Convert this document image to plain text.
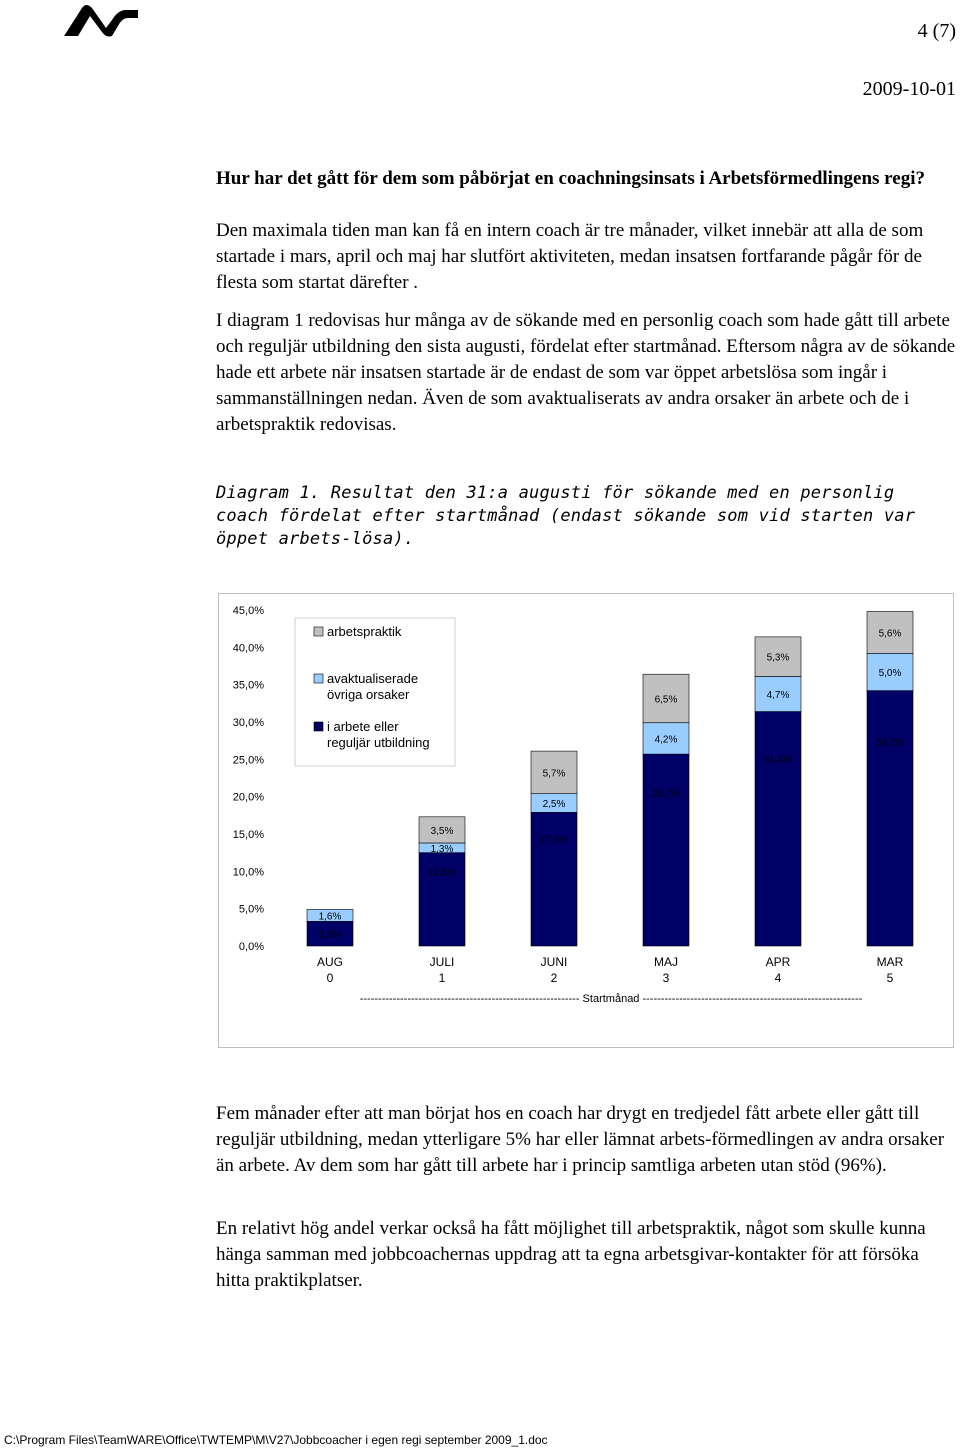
4 (7)
2009-10-01
Hur har det gått för dem som påbörjat en coachningsinsats i Arbetsförmedlingens regi?
Den maximala tiden man kan få en intern coach är tre månader, vilket innebär att alla de som startade i mars, april och maj har slutfört aktiviteten, medan insatsen fortfarande pågår för de flesta som startat därefter .
I diagram 1 redovisas hur många av de sökande med en personlig coach som hade gått till arbete och reguljär utbildning den sista augusti, fördelat efter startmånad. Eftersom några av de sökande hade ett arbete när insatsen startade är de endast de som var öppet arbetslösa som ingår i sammanställningen nedan. Även de som avaktualiserats av andra orsaker än arbete och de i arbetspraktik redovisas.
Diagram 1. Resultat den 31:a augusti för sökande med en personlig coach fördelat efter startmånad (endast sökande som vid starten var öppet arbets-lösa).
0,0%
5,0%
10,0%
15,0%
20,0%
25,0%
30,0%
35,0%
40,0%
45,0%
3,3%
1,6%
AUG
0
12,5%
1,3%
3,5%
JULI
1
17,9%
2,5%
5,7%
JUNI
2
25,7%
4,2%
6,5%
MAJ
3
31,4%
4,7%
5,3%
APR
4
34,2%
5,0%
5,6%
MAR
5
------------------------------------------------------------ Startmånad ------------------------------------------------------------
arbetspraktik
avaktualiserade
övriga orsaker
i arbete eller
reguljär utbildning
Fem månader efter att man börjat hos en coach har drygt en tredjedel fått arbete eller gått till reguljär utbildning, medan ytterligare 5% har eller lämnat arbets-förmedlingen av andra orsaker än arbete. Av dem som har gått till arbete har i princip samtliga arbeten utan stöd (96%).
En relativt hög andel verkar också ha fått möjlighet till arbetspraktik, något som skulle kunna hänga samman med jobbcoachernas uppdrag att ta egna arbetsgivar-kontakter för att försöka hitta praktikplatser.
C:\Program Files\TeamWARE\Office\TWTEMP\M\V27\Jobbcoacher i egen regi september 2009_1.doc
